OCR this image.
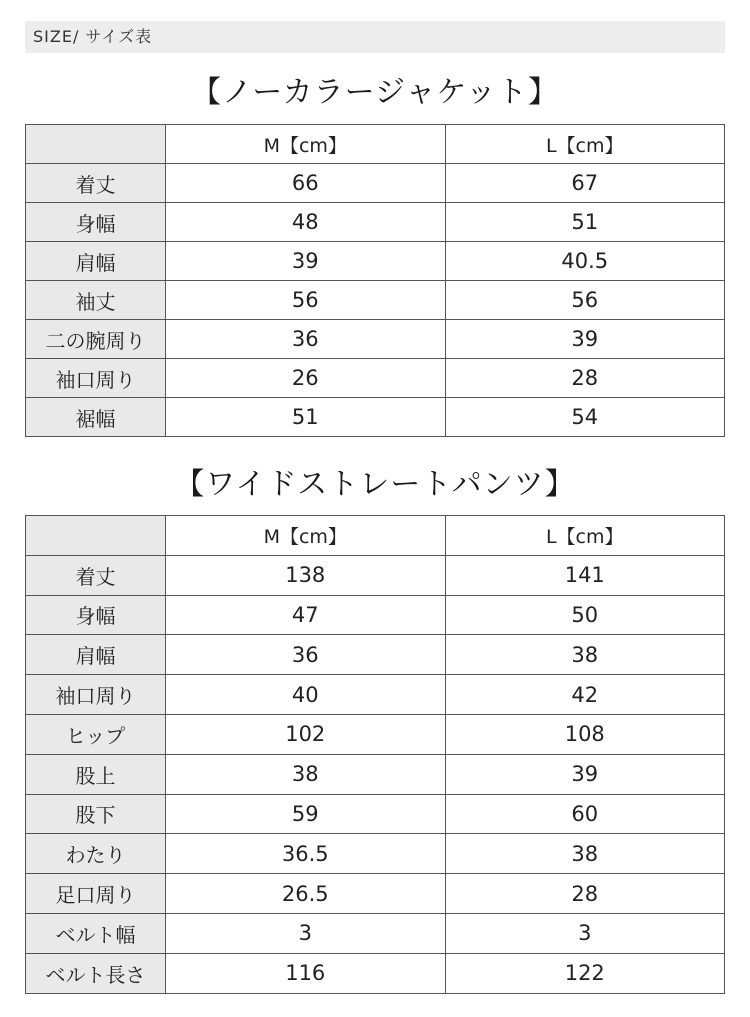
SIZE/ サイズ表
【ノーカラージャケット】
	M【cm】	L【cm】
着丈	66	67
身幅	48	51
肩幅	39	40.5
袖丈	56	56
二の腕周り	36	39
袖口周り	26	28
裾幅	51	54
【ワイドストレートパンツ】
	M【cm】	L【cm】
着丈	138	141
身幅	47	50
肩幅	36	38
袖口周り	40	42
ヒップ	102	108
股上	38	39
股下	59	60
わたり	36.5	38
足口周り	26.5	28
ベルト幅	3	3
ベルト長さ	116	122
